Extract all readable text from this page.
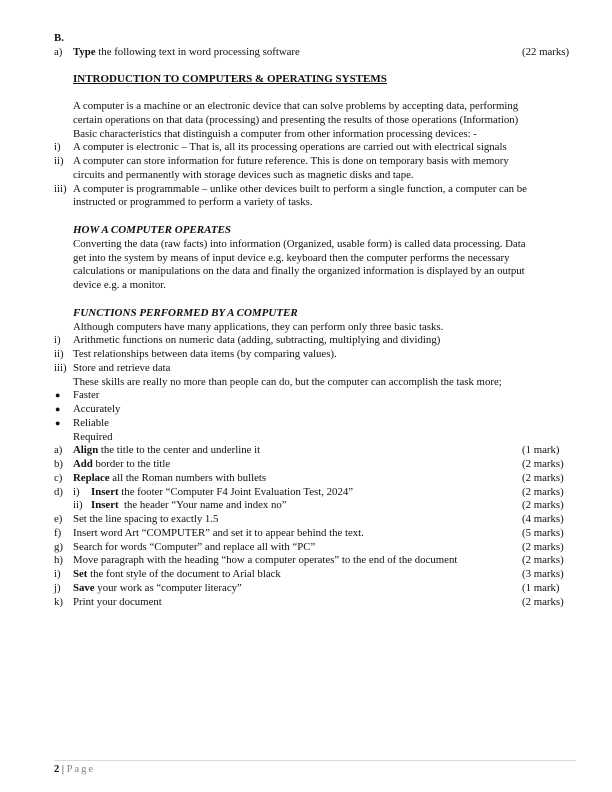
B.
a) Type the following text in word processing software	(22 marks)
INTRODUCTION TO COMPUTERS & OPERATING SYSTEMS
A computer is a machine or an electronic device that can solve problems by accepting data, performing
certain operations on that data (processing) and presenting the results of those operations (Information)
Basic characteristics that distinguish a computer from other information processing devices: -
i) A computer is electronic – That is, all its processing operations are carried out with electrical signals
ii) A computer can store information for future reference. This is done on temporary basis with memory
circuits and permanently with storage devices such as magnetic disks and tape.
iii) A computer is programmable – unlike other devices built to perform a single function, a computer can be
instructed or programmed to perform a variety of tasks.
HOW A COMPUTER OPERATES
Converting the data (raw facts) into information (Organized, usable form) is called data processing. Data
get into the system by means of input device e.g. keyboard then the computer performs the necessary
calculations or manipulations on the data and finally the organized information is displayed by an output
device e.g. a monitor.
FUNCTIONS PERFORMED BY A COMPUTER
Although computers have many applications, they can perform only three basic tasks.
i) Arithmetic functions on numeric data (adding, subtracting, multiplying and dividing)
ii) Test relationships between data items (by comparing values).
iii) Store and retrieve data
These skills are really no more than people can do, but the computer can accomplish the task more;
● Faster
● Accurately
● Reliable
Required
a) Align the title to the center and underline it	(1 mark)
b) Add border to the title	(2 marks)
c) Replace all the Roman numbers with bullets	(2 marks)
d) i) Insert the footer “Computer F4 Joint Evaluation Test, 2024”	(2 marks)
ii) Insert  the header “Your name and index no”	(2 marks)
e) Set the line spacing to exactly 1.5	(4 marks)
f) Insert word Art “COMPUTER” and set it to appear behind the text.	(5 marks)
g) Search for words “Computer” and replace all with “PC”	(2 marks)
h) Move paragraph with the heading “how a computer operates” to the end of the document	(2 marks)
i) Set the font style of the document to Arial black	(3 marks)
j) Save your work as “computer literacy”	(1 mark)
k) Print your document	(2 marks)
2 | Page
